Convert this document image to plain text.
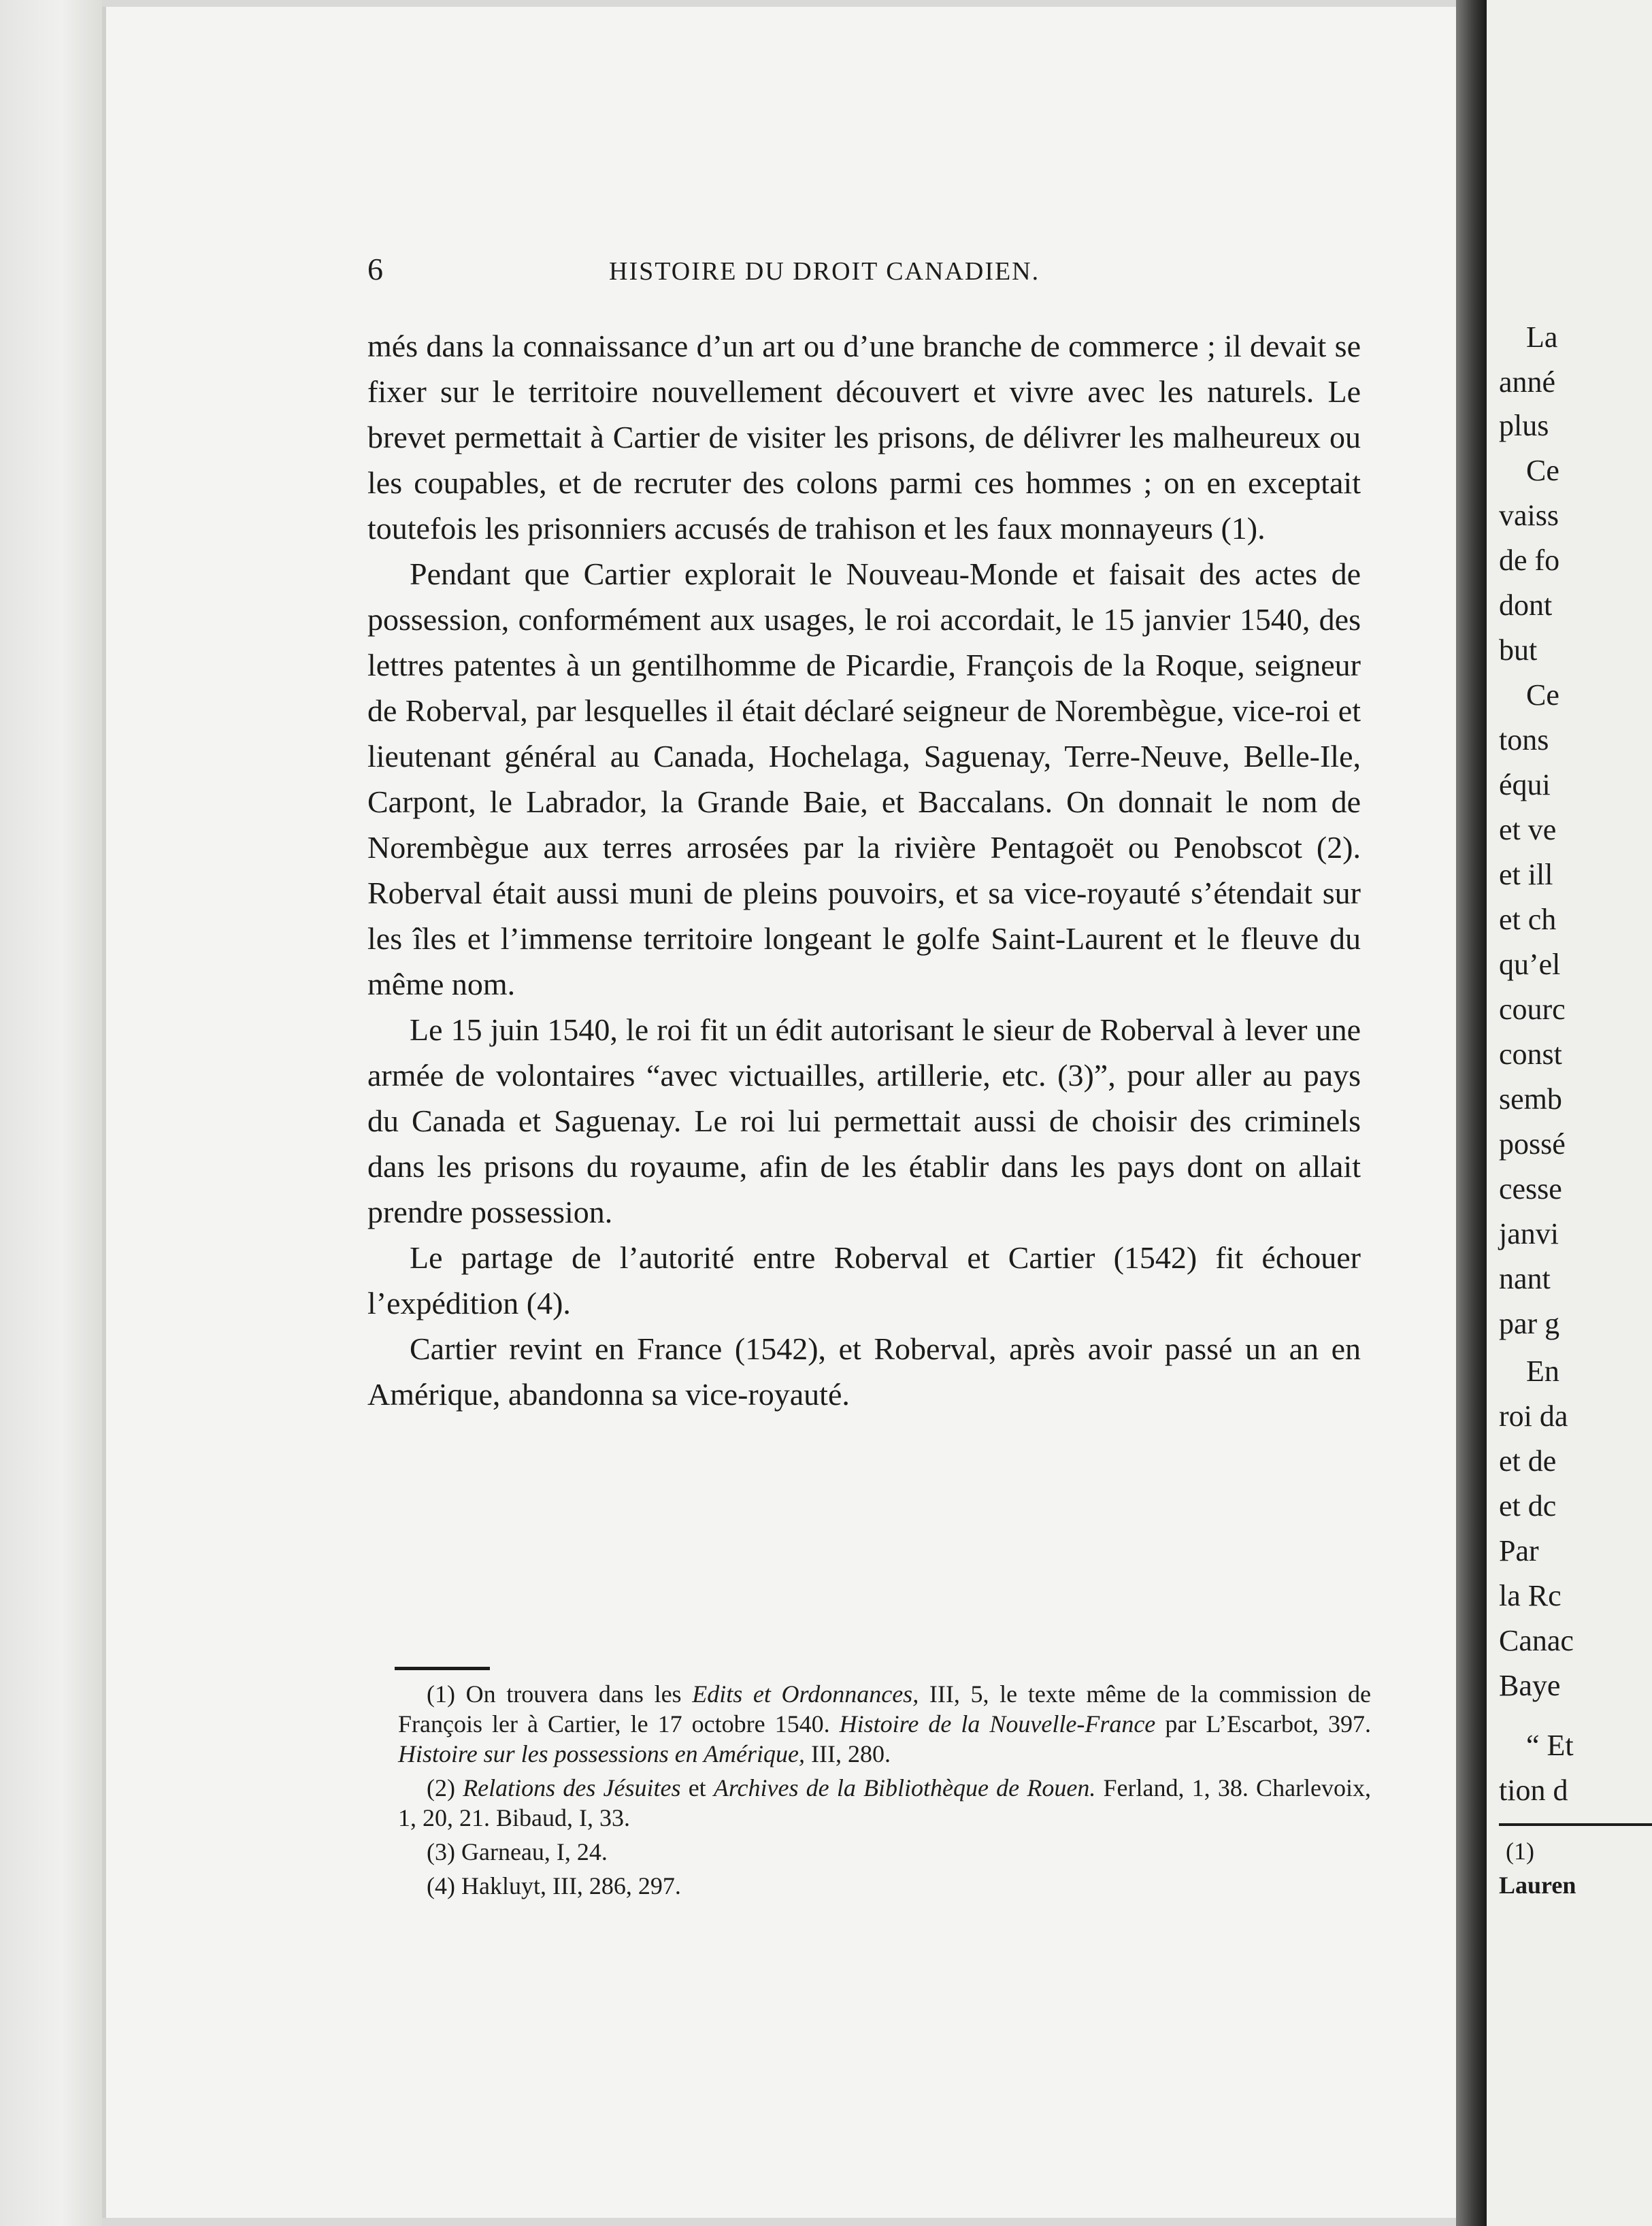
6	HISTOIRE DU DROIT CANADIEN.

més dans la connaissance d’un art ou d’une branche de commerce ; il devait se fixer sur le territoire nouvellement découvert et vivre avec les naturels. Le brevet permettait à Cartier de visiter les prisons, de délivrer les malheureux ou les coupables, et de recruter des colons parmi ces hommes ; on en exceptait toutefois les prisonniers accusés de trahison et les faux monnayeurs (1).

Pendant que Cartier explorait le Nouveau-Monde et faisait des actes de possession, conformément aux usages, le roi accordait, le 15 janvier 1540, des lettres patentes à un gentilhomme de Picardie, François de la Roque, seigneur de Roberval, par lesquelles il était déclaré seigneur de Norembègue, vice-roi et lieutenant général au Canada, Hochelaga, Saguenay, Terre-Neuve, Belle-Ile, Carpont, le Labrador, la Grande Baie, et Baccalans. On donnait le nom de Norembègue aux terres arrosées par la rivière Pentagoët ou Penobscot (2). Roberval était aussi muni de pleins pouvoirs, et sa vice-royauté s’étendait sur les îles et l’immense territoire longeant le golfe Saint-Laurent et le fleuve du même nom.

Le 15 juin 1540, le roi fit un édit autorisant le sieur de Roberval à lever une armée de volontaires “avec victuailles, artillerie, etc. (3)”, pour aller au pays du Canada et Saguenay. Le roi lui permettait aussi de choisir des criminels dans les prisons du royaume, afin de les établir dans les pays dont on allait prendre possession.

Le partage de l’autorité entre Roberval et Cartier (1542) fit échouer l’expédition (4).

Cartier revint en France (1542), et Roberval, après avoir passé un an en Amérique, abandonna sa vice-royauté.

(1) On trouvera dans les Edits et Ordonnances, III, 5, le texte même de la commission de François ler à Cartier, le 17 octobre 1540. Histoire de la Nouvelle-France par L’Escarbot, 397. Histoire sur les possessions en Amérique, III, 280.

(2) Relations des Jésuites et Archives de la Bibliothèque de Rouen. Ferland, 1, 38. Charlevoix, 1, 20, 21. Bibaud, I, 33.

(3) Garneau, I, 24.

(4) Hakluyt, III, 286, 297.

La
anné
plus
Ce
vaiss
de fo
dont
but
Ce
tons
équi
et ve
et ill
et ch
qu’el
courc
const
semb
possé
cesse
janvi
nant
par g
En
roi da
et de
et dc
Par
la Rc
Canac
Baye
“ Et
tion d
(1)
Lauren
